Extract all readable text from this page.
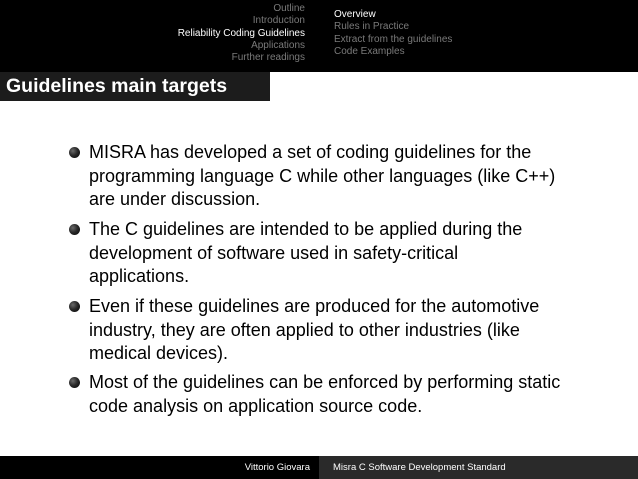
Outline
Introduction
Reliability Coding Guidelines
Applications
Further readings
Overview
Rules in Practice
Extract from the guidelines
Code Examples
Guidelines main targets
MISRA has developed a set of coding guidelines for the
programming language C while other languages (like C++)
are under discussion.
The C guidelines are intended to be applied during the
development of software used in safety-critical
applications.
Even if these guidelines are produced for the automotive
industry, they are often applied to other industries (like
medical devices).
Most of the guidelines can be enforced by performing static
code analysis on application source code.
Vittorio Giovara	Misra C Software Development Standard
